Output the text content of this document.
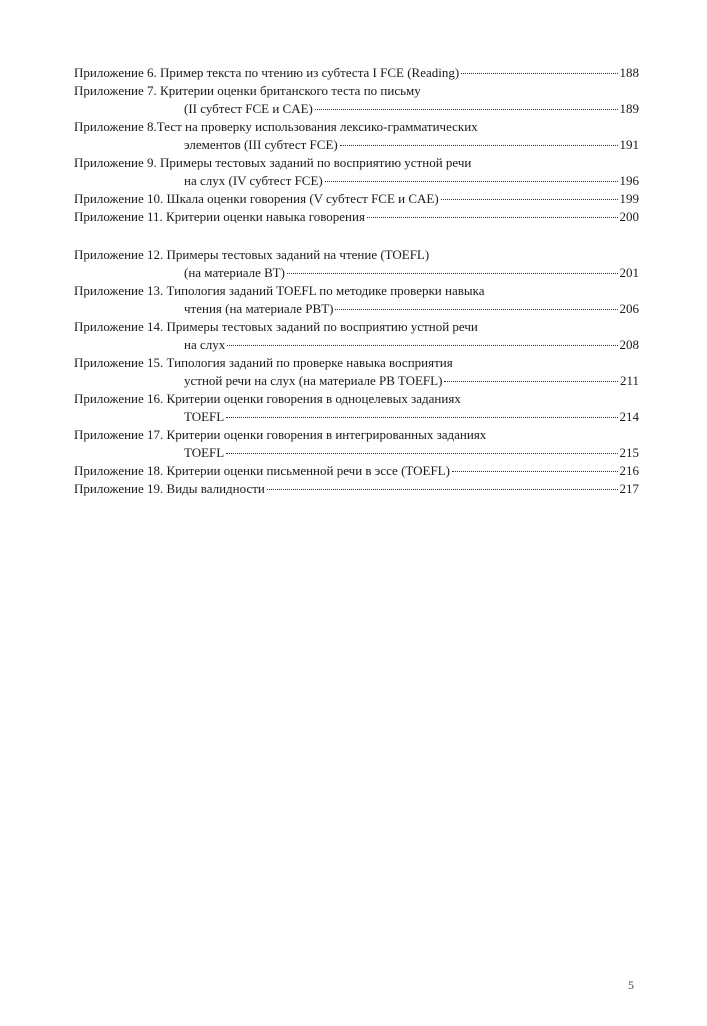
Приложение 6. Пример текста по чтению из субтеста I FCE (Reading)	188
Приложение 7. Критерии оценки британского теста по письму
(II субтест FCE и CAE)	189
Приложение 8.Тест на проверку использования лексико-грамматических
элементов (III субтест FCE)	191
Приложение 9. Примеры тестовых заданий по восприятию устной речи
на слух (IV субтест FCE)	196
Приложение 10. Шкала оценки говорения (V субтест FCE и CAE)	199
Приложение 11. Критерии оценки навыка говорения	200
Приложение 12. Примеры тестовых заданий на чтение (TOEFL)
(на материале ВТ)	201
Приложение 13. Типология заданий TOEFL по методике проверки навыка
чтения (на материале PBT)	206
Приложение 14. Примеры тестовых заданий по восприятию устной речи
на слух	208
Приложение 15. Типология заданий по проверке навыка восприятия
устной речи на слух (на материале PB TOEFL)	211
Приложение 16. Критерии оценки говорения в одноцелевых заданиях
TOEFL	214
Приложение 17. Критерии оценки говорения в интегрированных заданиях
TOEFL	215
Приложение 18. Критерии оценки письменной речи в эссе (TOEFL)	216
Приложение 19. Виды валидности	217
5
